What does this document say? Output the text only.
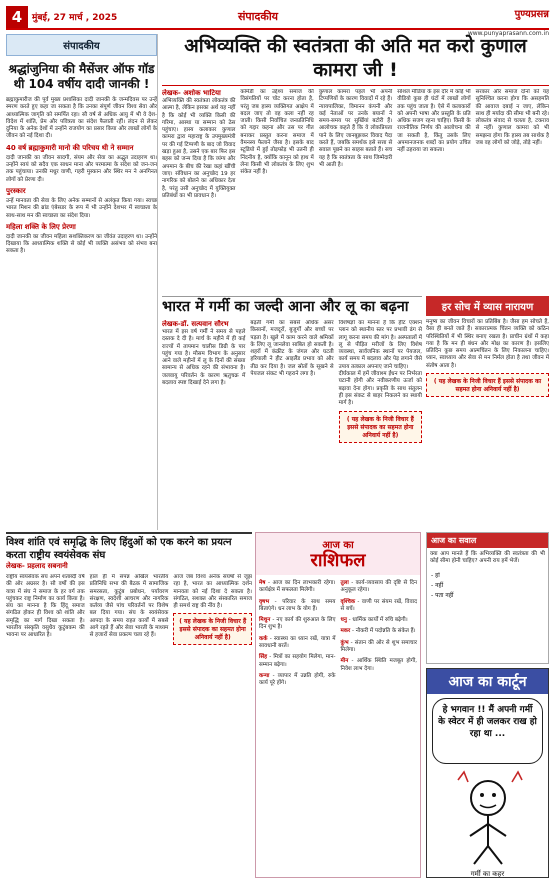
4	मुंबई, 27 मार्च , 2025	संपादकीय	पुण्यप्रसन्न
www.punyaprasann.com.in
संपादकीय
श्रद्धांजुनिया की मैसेंजर ऑफ गॉड थी 104 वर्षीय दादी जानकी !

ब्रह्माकुमारीज की पूर्व मुख्य प्रशासिका दादी जानकी के जन्मदिवस पर उन्हें स्मरण करते हुए कहा जा सकता है कि उनका संपूर्ण जीवन विश्व सेवा और आध्यात्मिक जागृति को समर्पित रहा। सौ वर्ष से अधिक आयु में भी वे देश-विदेश में शांति, प्रेम और पवित्रता का संदेश फैलाती रहीं। लंदन से लेकर दुनिया के अनेक देशों में उन्होंने राजयोग का प्रसार किया और लाखों लोगों के जीवन को नई दिशा दी।

40 वर्ष ब्रह्माकुमारी मानो की परिचय थी ने सम्मान

दादी जानकी का जीवन सादगी, संयम और सेवा का अद्भुत उदाहरण था। उन्होंने स्वयं को सदैव एक साधन माना और परमात्मा के संदेश को जन-जन तक पहुंचाया। उनकी मधुर वाणी, गहरी मुस्कान और स्थिर मन ने अनगिनत लोगों को प्रेरणा दी।

पुरस्कार

उन्हें मानवता की सेवा के लिए अनेक सम्मानों से अलंकृत किया गया। स्वच्छ भारत मिशन की ब्रांड एंबेसडर के रूप में भी उन्होंने देशभर में स्वच्छता के साथ-साथ मन की स्वच्छता का संदेश दिया।

महिला शक्ति के लिए प्रेरणा

दादी जानकी का जीवन महिला सशक्तिकरण का जीवंत उदाहरण था। उन्होंने दिखाया कि आध्यात्मिक शक्ति से कोई भी व्यक्ति असंभव को संभव बना सकता है।

अभिव्यक्ति की स्वतंत्रता की अति मत करो कुणाल कामरा जी !
लेखक- अशोक भाटिया

अभिव्यक्ति की स्वतंत्रता लोकतंत्र की आत्मा है, लेकिन इसका अर्थ यह नहीं है कि कोई भी व्यक्ति किसी की गरिमा, आस्था या सम्मान को ठेस पहुंचाए। हास्य कलाकार कुणाल कामरा द्वारा महाराष्ट्र के उपमुख्यमंत्री पर की गई टिप्पणी के बाद जो विवाद खड़ा हुआ है, उसने एक बार फिर इस बहस को जन्म दिया है कि व्यंग्य और अपमान के बीच की रेखा कहां खींची जाए। संविधान का अनुच्छेद 19 हर नागरिक को बोलने का अधिकार देता है, परंतु उसी अनुच्छेद में युक्तियुक्त प्रतिबंधों का भी प्रावधान है।

कॉमेडी का उद्देश्य समाज की विसंगतियों पर चोट करना होता है, परंतु जब हास्य व्यक्तिगत आक्षेप में बदल जाए तो वह कला नहीं रह जाती। किसी निर्वाचित जनप्रतिनिधि को गद्दार कहना और उस पर गीत बनाकर प्रस्तुत करना समाज में वैमनस्य फैलाने जैसा है। इसके बाद स्टूडियो में हुई तोड़फोड़ भी उतनी ही निंदनीय है, क्योंकि कानून को हाथ में लेना किसी भी लोकतंत्र के लिए शुभ संकेत नहीं है।

कुणाल कामरा पहले भी अपनी टिप्पणियों के कारण विवादों में रहे हैं। न्यायपालिका, विमानन कंपनी और कई नेताओं पर उनके बयानों ने समय-समय पर सुर्खियां बटोरी हैं। आलोचक कहते हैं कि वे लोकप्रियता पाने के लिए जानबूझकर विवाद पैदा करते हैं, जबकि समर्थक इसे सत्ता से सवाल पूछने का साहस बताते हैं। सच यह है कि स्वतंत्रता के साथ जिम्मेदारी भी आती है।

सोशल मीडिया के इस दौर में कोई भी वीडियो कुछ ही घंटों में लाखों लोगों तक पहुंच जाता है। ऐसे में कलाकारों को अपनी भाषा और प्रस्तुति के प्रति अधिक सजग रहना चाहिए। किसी के राजनीतिक निर्णय की आलोचना की जा सकती है, किंतु उसके लिए अपमानजनक शब्दों का प्रयोग उचित नहीं ठहराया जा सकता।

सरकार और समाज दोनों को यह सुनिश्चित करना होगा कि असहमति की आवाज दबाई न जाए, लेकिन साथ ही मर्यादा की सीमा भी बनी रहे। लोकतंत्र संवाद से चलता है, टकराव से नहीं। कुणाल कामरा को भी समझना होगा कि हास्य तब सार्थक है जब वह लोगों को जोड़े, तोड़े नहीं।

भारत में गर्मी का जल्दी आना और लू का बढ़ना
लेखक-डॉ. सत्यवान सौरभ

भारत में इस वर्ष गर्मी ने समय से पहले दस्तक दे दी है। मार्च के महीने में ही कई राज्यों में तापमान चालीस डिग्री के पार पहुंच गया है। मौसम विभाग के अनुसार आने वाले महीनों में लू के दिनों की संख्या सामान्य से अधिक रहने की संभावना है। जलवायु परिवर्तन के कारण ऋतुचक्र में बदलाव स्पष्ट दिखाई देने लगा है।

बढ़ती गर्मी का सबसे अधिक असर किसानों, मजदूरों, बुजुर्गों और बच्चों पर पड़ता है। खुले में काम करने वाले श्रमिकों के लिए लू जानलेवा साबित हो सकती है। शहरों में कंक्रीट के जंगल और घटती हरियाली ने हीट आइलैंड प्रभाव को और तीव्र कर दिया है। जल स्रोतों के सूखने से पेयजल संकट भी गहराने लगा है।

विशेषज्ञों का मानना है कि हीट एक्शन प्लान को स्थानीय स्तर पर प्रभावी ढंग से लागू करना समय की मांग है। अस्पतालों में लू से पीड़ित मरीजों के लिए विशेष व्यवस्था, सार्वजनिक स्थानों पर पेयजल, कार्य समय में बदलाव और पेड़ लगाने जैसे उपाय तत्काल अपनाए जाने चाहिए।

दीर्घकाल में हमें जीवाश्म ईंधन पर निर्भरता घटानी होगी और नवीकरणीय ऊर्जा को बढ़ावा देना होगा। प्रकृति के साथ संतुलन ही इस संकट से बाहर निकलने का स्थायी मार्ग है।

( यह लेखक के निजी विचार हैं इससे संपादक का सहमत होना अनिवार्य नहीं है)
हर सोच में व्यास नारायण

मनुष्य का जीवन विचारों का प्रतिबिंब है। जैसा हम सोचते हैं, वैसा ही बनते जाते हैं। सकारात्मक चिंतन व्यक्ति को कठिन परिस्थितियों में भी स्थिर बनाए रखता है। प्राचीन ग्रंथों में कहा गया है कि मन ही बंधन और मोक्ष का कारण है। इसलिए प्रतिदिन कुछ समय आत्मचिंतन के लिए निकालना चाहिए। ध्यान, स्वाध्याय और सेवा से मन निर्मल होता है तथा जीवन में संतोष आता है।

( यह लेखक के निजी विचार हैं इससे संपादक का सहमत होना अनिवार्य नहीं है)
विश्व शांति एवं समृद्धि के लिए हिंदुओं को एक करने का प्रयत्न करता राष्ट्रीय स्वयंसेवक संघ
लेखक- प्रहलाद सबनानी

राष्ट्रीय स्वयंसेवक संघ अपने शताब्दी वर्ष की ओर अग्रसर है। सौ वर्षों की इस यात्रा में संघ ने समाज के हर वर्ग तक पहुंचकर राष्ट्र निर्माण का कार्य किया है। संघ का मानना है कि हिंदू समाज संगठित होकर ही विश्व को शांति और समृद्धि का मार्ग दिखा सकता है। भारतीय संस्कृति वसुधैव कुटुंबकम की भावना पर आधारित है।

हाल ही में संपन्न अखिल भारतीय प्रतिनिधि सभा की बैठक में सामाजिक समरसता, कुटुंब प्रबोधन, पर्यावरण संरक्षण, स्वदेशी आचरण और नागरिक कर्तव्य जैसे पांच परिवर्तनों पर विशेष बल दिया गया। संघ के स्वयंसेवक आपदा के समय राहत कार्यों में सबसे आगे रहते हैं और सेवा भारती के माध्यम से हजारों सेवा प्रकल्प चला रहे हैं।

आज जब विश्व अनेक संघर्षों से जूझ रहा है, भारत का आध्यात्मिक दर्शन मानवता को नई दिशा दे सकता है। संगठित, सशक्त और संस्कारित समाज ही समर्थ राष्ट्र की नींव है।

( यह लेखक के निजी विचार हैं इससे संपादक का सहमत होना अनिवार्य नहीं है)
आज का
राशिफल

मेष - आज का दिन लाभकारी रहेगा। कार्यक्षेत्र में सफलता मिलेगी।

वृषभ - परिवार के साथ समय बिताएंगे। धन लाभ के योग हैं।

मिथुन - नए कार्य की शुरुआत के लिए दिन शुभ है।

कर्क - स्वास्थ्य का ध्यान रखें, यात्रा में सावधानी बरतें।

सिंह - मित्रों का सहयोग मिलेगा, मान-सम्मान बढ़ेगा।

कन्या - व्यापार में उन्नति होगी, रुके कार्य पूरे होंगे।

तुला - कार्य-व्यवसाय की दृष्टि से दिन अनुकूल रहेगा।

वृश्चिक - वाणी पर संयम रखें, विवाद से बचें।

धनु - धार्मिक कार्यों में रुचि बढ़ेगी।

मकर - नौकरी में पदोन्नति के संकेत हैं।

कुंभ - संतान की ओर से शुभ समाचार मिलेगा।

मीन - आर्थिक स्थिति मजबूत होगी, निवेश लाभ देगा।

आज का सवाल

क्या आप मानते हैं कि अभिव्यक्ति की स्वतंत्रता की भी कोई सीमा होनी चाहिए? अपनी राय हमें भेजें।

- हां
- नहीं
- पता नहीं
आज का कार्टून
हे भगवान !! मैं अपनी गर्मी के स्वेटर में ही जलकर राख हो रहा था ...
गर्मी का कहर
